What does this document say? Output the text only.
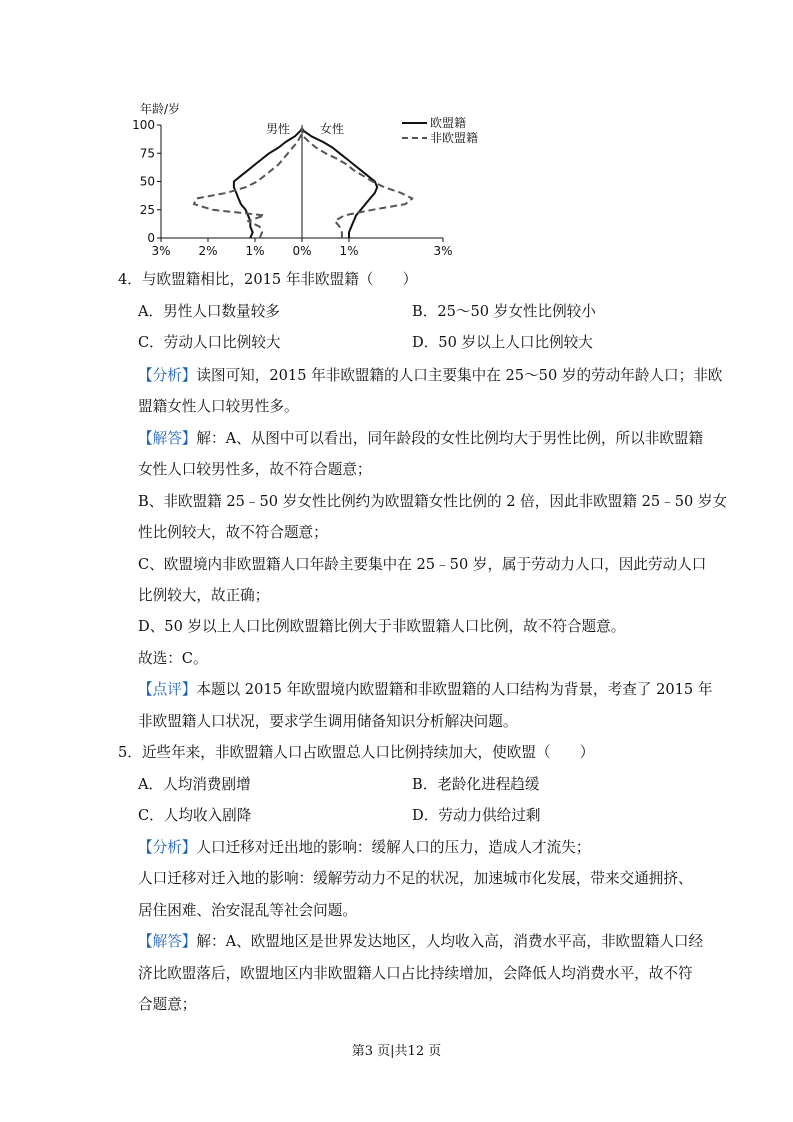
年龄/岁
男性 女性	欧盟籍
非欧盟籍
100
75
50
25
0
3% 2% 1% 0% 1%	3%
4．与欧盟籍相比，2015 年非欧盟籍（　　）
A．男性人口数量较多	B．25～50 岁女性比例较小
C．劳动人口比例较大	D．50 岁以上人口比例较大
【分析】读图可知，2015 年非欧盟籍的人口主要集中在 25～50 岁的劳动年龄人口；非欧
盟籍女性人口较男性多。
【解答】解：A、从图中可以看出，同年龄段的女性比例均大于男性比例，所以非欧盟籍
女性人口较男性多，故不符合题意；
B、非欧盟籍 25﹣50 岁女性比例约为欧盟籍女性比例的 2 倍，因此非欧盟籍 25﹣50 岁女
性比例较大，故不符合题意；
C、欧盟境内非欧盟籍人口年龄主要集中在 25﹣50 岁，属于劳动力人口，因此劳动人口
比例较大，故正确；
D、50 岁以上人口比例欧盟籍比例大于非欧盟籍人口比例，故不符合题意。
故选：C。
【点评】本题以 2015 年欧盟境内欧盟籍和非欧盟籍的人口结构为背景，考查了 2015 年
非欧盟籍人口状况，要求学生调用储备知识分析解决问题。
5．近些年来，非欧盟籍人口占欧盟总人口比例持续加大，使欧盟（　　）
A．人均消费剧增	B．老龄化进程趋缓
C．人均收入剧降	D．劳动力供给过剩
【分析】人口迁移对迁出地的影响：缓解人口的压力，造成人才流失；
人口迁移对迁入地的影响：缓解劳动力不足的状况，加速城市化发展，带来交通拥挤、
居住困难、治安混乱等社会问题。
【解答】解：A、欧盟地区是世界发达地区，人均收入高，消费水平高，非欧盟籍人口经
济比欧盟落后，欧盟地区内非欧盟籍人口占比持续增加，会降低人均消费水平，故不符
合题意；
第3 页|共12 页
